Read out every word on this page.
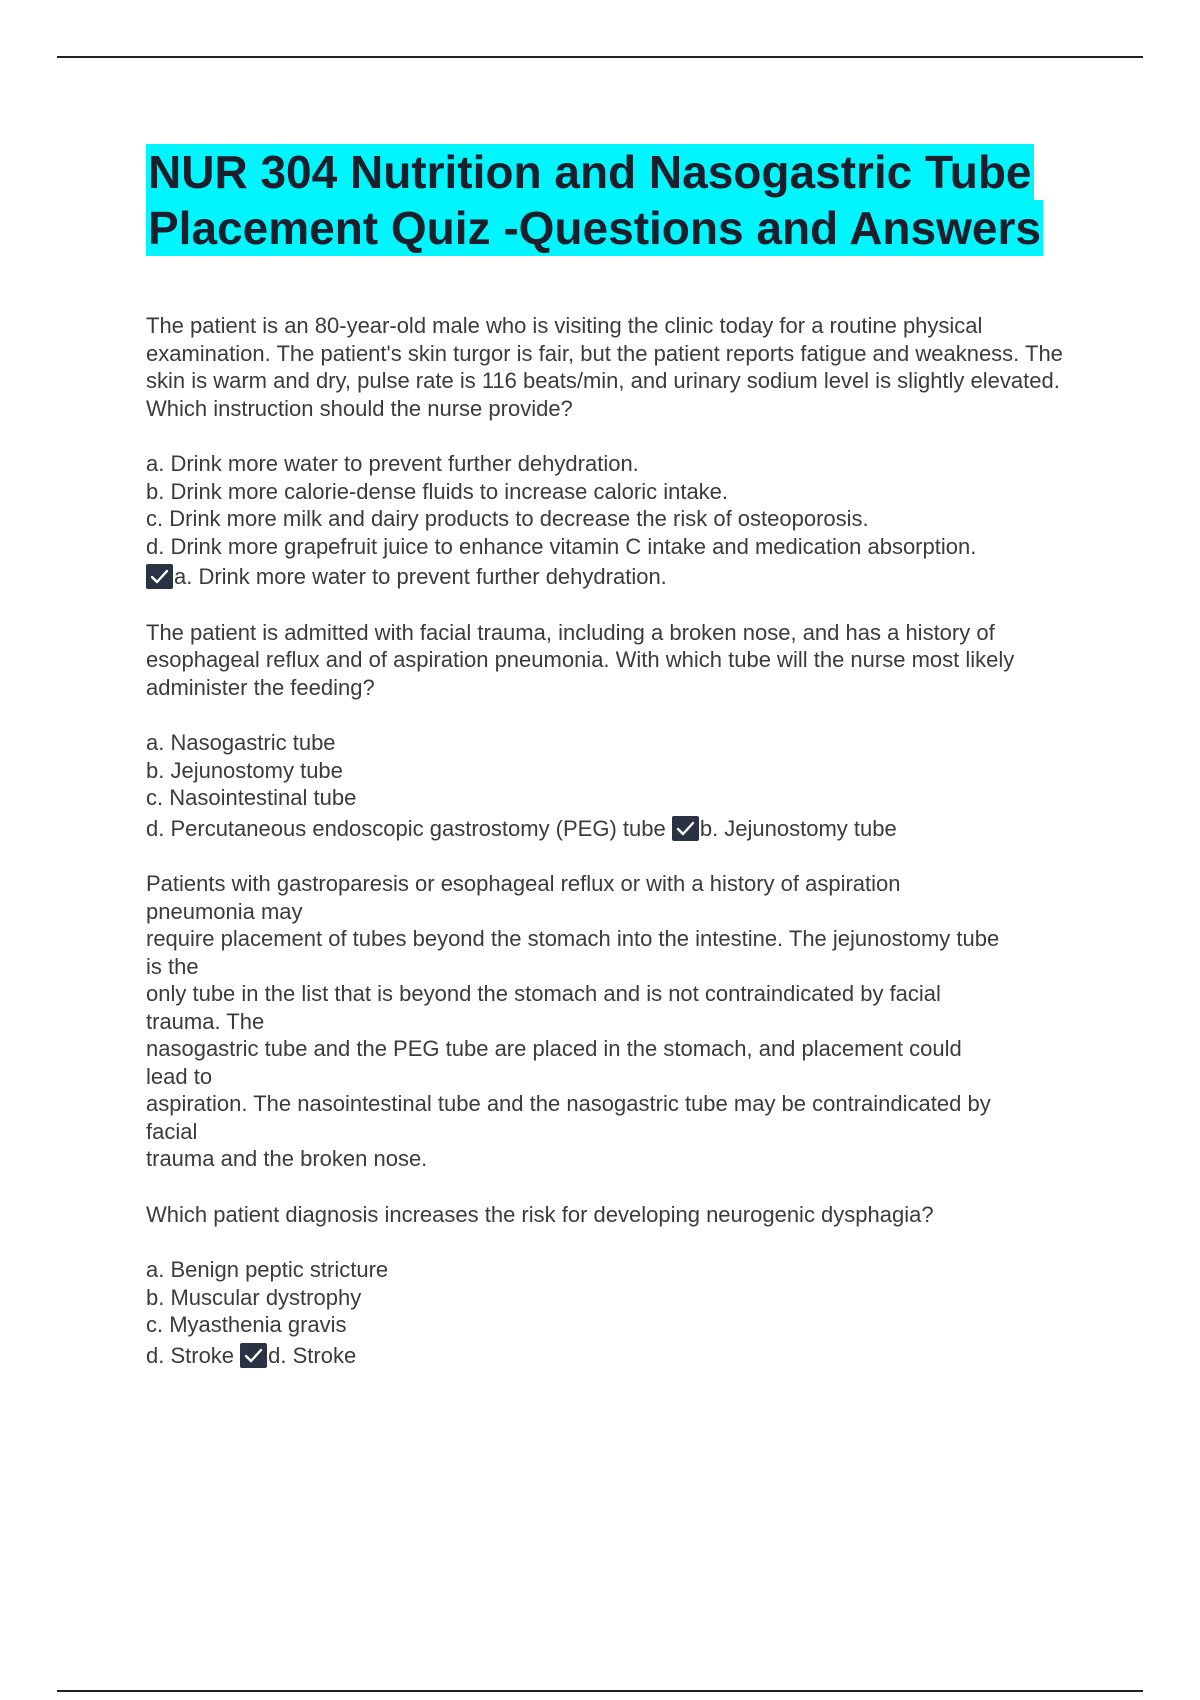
NUR 304 Nutrition and Nasogastric Tube
Placement Quiz -Questions and Answers

The patient is an 80-year-old male who is visiting the clinic today for a routine physical examination. The patient's skin turgor is fair, but the patient reports fatigue and weakness. The skin is warm and dry, pulse rate is 116 beats/min, and urinary sodium level is slightly elevated. Which instruction should the nurse provide?

a. Drink more water to prevent further dehydration.
b. Drink more calorie-dense fluids to increase caloric intake.
c. Drink more milk and dairy products to decrease the risk of osteoporosis.
d. Drink more grapefruit juice to enhance vitamin C intake and medication absorption.
a. Drink more water to prevent further dehydration.

The patient is admitted with facial trauma, including a broken nose, and has a history of esophageal reflux and of aspiration pneumonia. With which tube will the nurse most likely administer the feeding?

a. Nasogastric tube
b. Jejunostomy tube
c. Nasointestinal tube
d. Percutaneous endoscopic gastrostomy (PEG) tube b. Jejunostomy tube
Patients with gastroparesis or esophageal reflux or with a history of aspiration
pneumonia may
require placement of tubes beyond the stomach into the intestine. The jejunostomy tube
is the
only tube in the list that is beyond the stomach and is not contraindicated by facial
trauma. The
nasogastric tube and the PEG tube are placed in the stomach, and placement could
lead to
aspiration. The nasointestinal tube and the nasogastric tube may be contraindicated by
facial
trauma and the broken nose.

Which patient diagnosis increases the risk for developing neurogenic dysphagia?

a. Benign peptic stricture
b. Muscular dystrophy
c. Myasthenia gravis
d. Stroke d. Stroke
